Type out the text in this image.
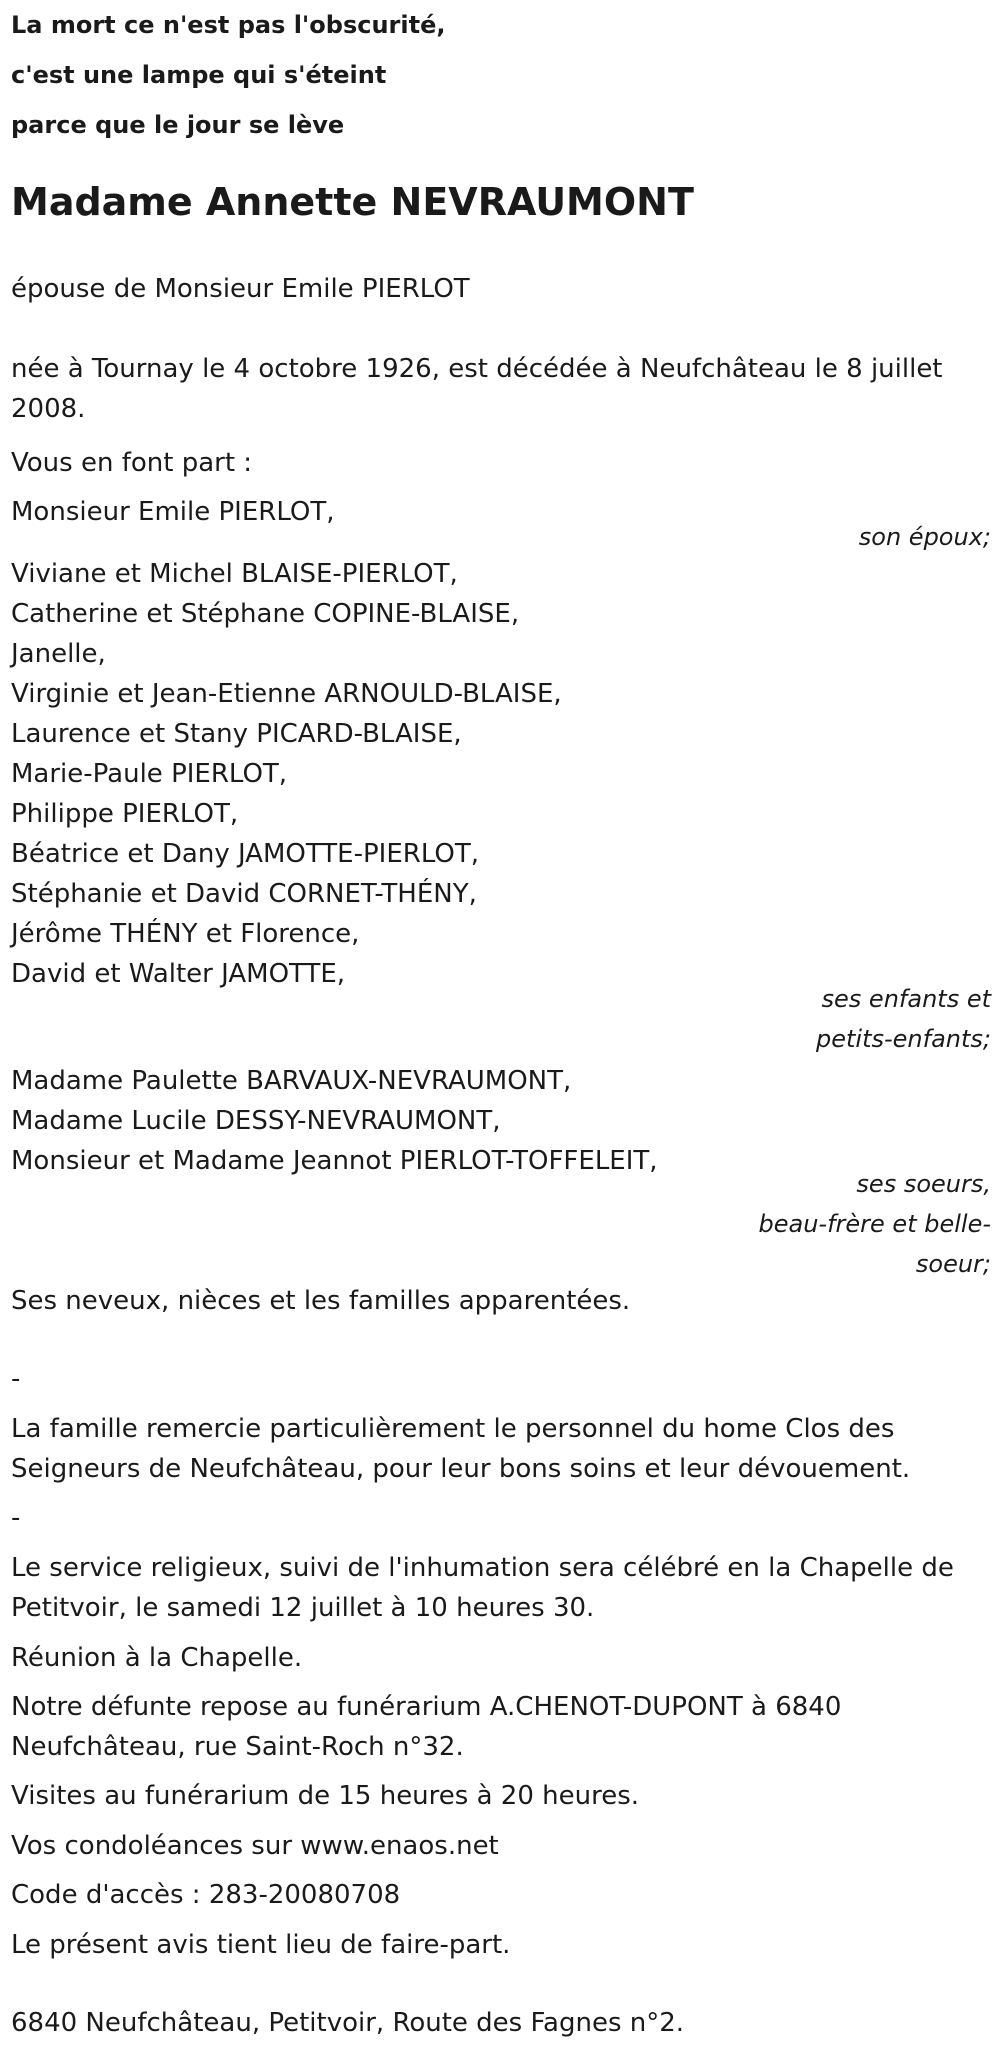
La mort ce n'est pas l'obscurité,

c'est une lampe qui s'éteint

parce que le jour se lève

Madame Annette NEVRAUMONT

épouse de Monsieur Emile PIERLOT

née à Tournay le 4 octobre 1926, est décédée à Neufchâteau le 8 juillet

2008.

Vous en font part :

Monsieur Emile PIERLOT,

son époux;

Viviane et Michel BLAISE-PIERLOT,

Catherine et Stéphane COPINE-BLAISE,

Janelle,

Virginie et Jean-Etienne ARNOULD-BLAISE,

Laurence et Stany PICARD-BLAISE,

Marie-Paule PIERLOT,

Philippe PIERLOT,

Béatrice et Dany JAMOTTE-PIERLOT,

Stéphanie et David CORNET-THÉNY,

Jérôme THÉNY et Florence,

David et Walter JAMOTTE,

ses enfants et

petits-enfants;

Madame Paulette BARVAUX-NEVRAUMONT,

Madame Lucile DESSY-NEVRAUMONT,

Monsieur et Madame Jeannot PIERLOT-TOFFELEIT,

ses soeurs,

beau-frère et belle-

soeur;

Ses neveux, nièces et les familles apparentées.

-

La famille remercie particulièrement le personnel du home Clos des

Seigneurs de Neufchâteau, pour leur bons soins et leur dévouement.

-

Le service religieux, suivi de l'inhumation sera célébré en la Chapelle de

Petitvoir, le samedi 12 juillet à 10 heures 30.

Réunion à la Chapelle.

Notre défunte repose au funérarium A.CHENOT-DUPONT à 6840

Neufchâteau, rue Saint-Roch n°32.

Visites au funérarium de 15 heures à 20 heures.

Vos condoléances sur www.enaos.net

Code d'accès : 283-20080708

Le présent avis tient lieu de faire-part.

6840 Neufchâteau, Petitvoir, Route des Fagnes n°2.
